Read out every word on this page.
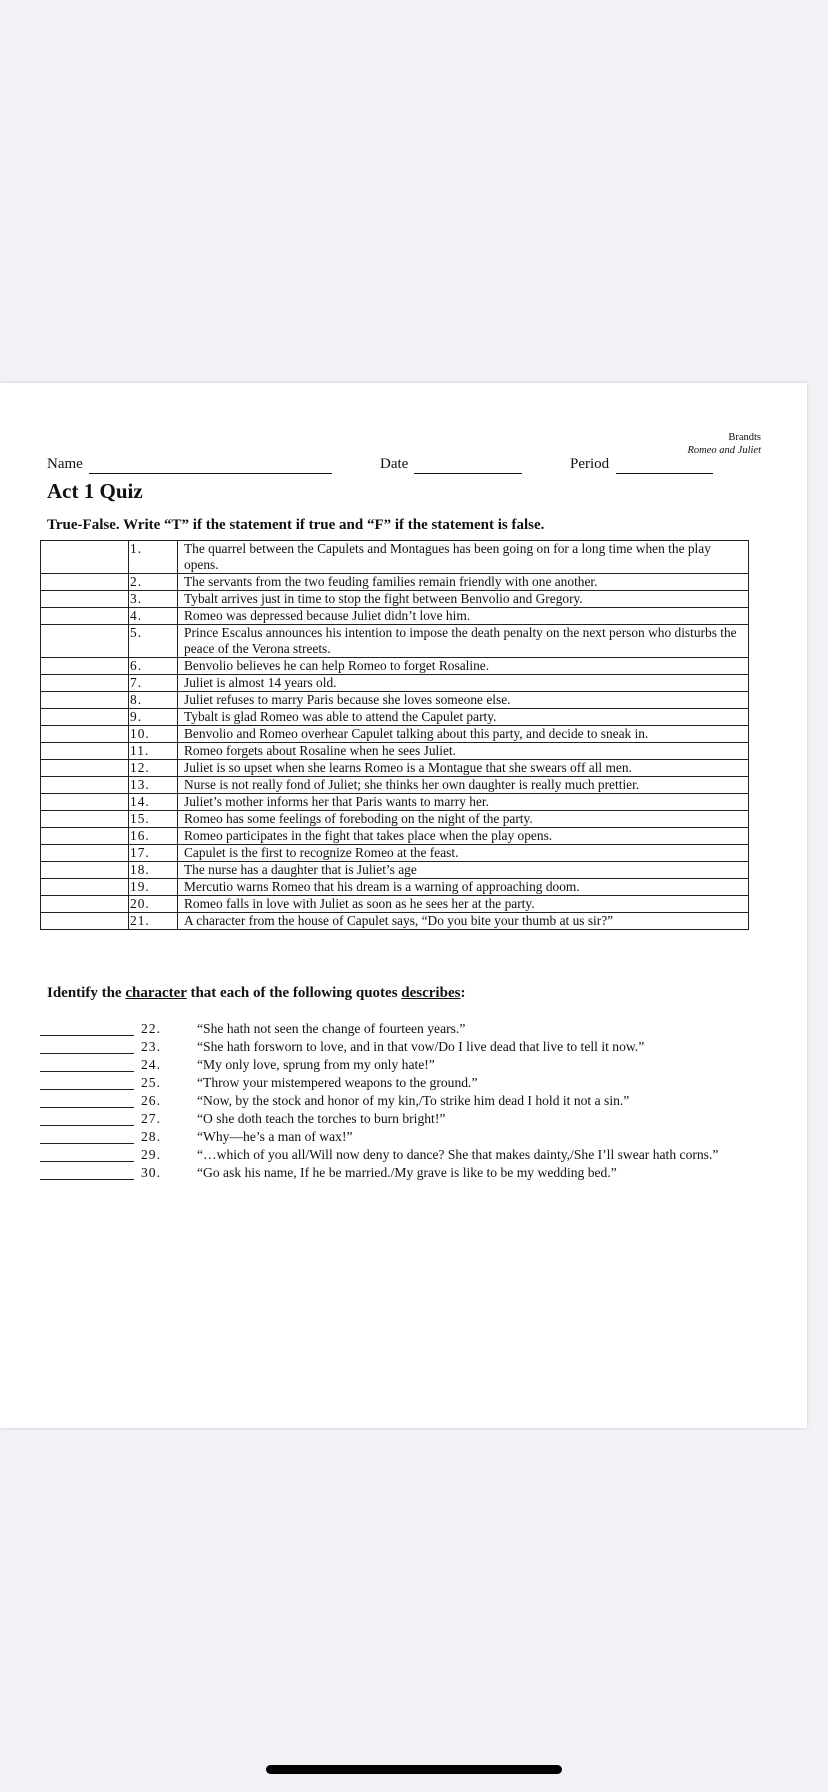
Brandts
Romeo and Juliet
Name	Date	Period
Act 1 Quiz
True-False. Write “T” if the statement if true and “F” if the statement is false.
	1.	The quarrel between the Capulets and Montagues has been going on for a long time when the play opens.
	2.	The servants from the two feuding families remain friendly with one another.
	3.	Tybalt arrives just in time to stop the fight between Benvolio and Gregory.
	4.	Romeo was depressed because Juliet didn’t love him.
	5.	Prince Escalus announces his intention to impose the death penalty on the next person who disturbs the peace of the Verona streets.
	6.	Benvolio believes he can help Romeo to forget Rosaline.
	7.	Juliet is almost 14 years old.
	8.	Juliet refuses to marry Paris because she loves someone else.
	9.	Tybalt is glad Romeo was able to attend the Capulet party.
	10.	Benvolio and Romeo overhear Capulet talking about this party, and decide to sneak in.
	11.	Romeo forgets about Rosaline when he sees Juliet.
	12.	Juliet is so upset when she learns Romeo is a Montague that she swears off all men.
	13.	Nurse is not really fond of Juliet; she thinks her own daughter is really much prettier.
	14.	Juliet’s mother informs her that Paris wants to marry her.
	15.	Romeo has some feelings of foreboding on the night of the party.
	16.	Romeo participates in the fight that takes place when the play opens.
	17.	Capulet is the first to recognize Romeo at the feast.
	18.	The nurse has a daughter that is Juliet’s age
	19.	Mercutio warns Romeo that his dream is a warning of approaching doom.
	20.	Romeo falls in love with Juliet as soon as he sees her at the party.
	21.	A character from the house of Capulet says, “Do you bite your thumb at us sir?”
Identify the character that each of the following quotes describes:
22.	“She hath not seen the change of fourteen years.”
23.	“She hath forsworn to love, and in that vow/Do I live dead that live to tell it now.”
24.	“My only love, sprung from my only hate!”
25.	“Throw your mistempered weapons to the ground.”
26.	“Now, by the stock and honor of my kin,/To strike him dead I hold it not a sin.”
27.	“O she doth teach the torches to burn bright!”
28.	“Why—he’s a man of wax!”
29.	“…which of you all/Will now deny to dance? She that makes dainty,/She I’ll swear hath corns.”
30.	“Go ask his name, If he be married./My grave is like to be my wedding bed.”
